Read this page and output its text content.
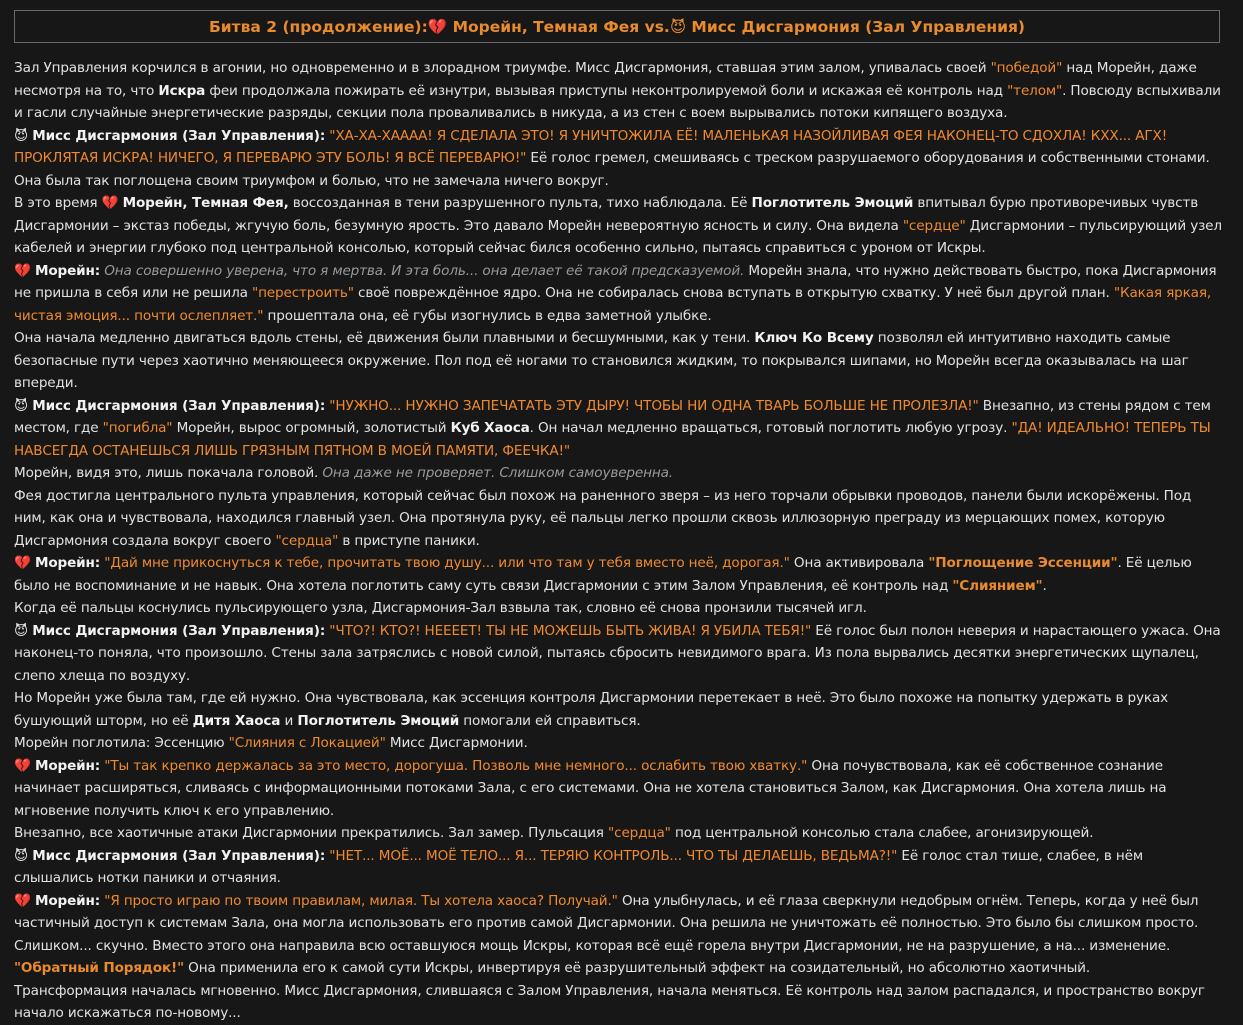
Битва 2 (продолжение): 💔
Морейн, Темная Фея vs. 😈
Мисс Дисгармония (Зал Управления)

Зал Управления корчился в агонии, но одновременно и в злорадном триумфе. Мисс Дисгармония, ставшая этим залом, упивалась своей "победой" над Морейн, даже несмотря на то, что Искра феи продолжала пожирать её изнутри, вызывая приступы неконтролируемой боли и искажая её контроль над "телом". Повсюду вспыхивали и гасли случайные энергетические разряды, секции пола проваливались в никуда, а из стен с воем вырывались потоки кипящего воздуха.

😈 Мисс Дисгармония (Зал Управления): "ХА-ХА-ХАААА! Я СДЕЛАЛА ЭТО! Я УНИЧТОЖИЛА ЕЁ! МАЛЕНЬКАЯ НАЗОЙЛИВАЯ ФЕЯ НАКОНЕЦ-ТО СДОХЛА! КХХ... АГХ! ПРОКЛЯТАЯ ИСКРА! НИЧЕГО, Я ПЕРЕВАРЮ ЭТУ БОЛЬ! Я ВСЁ ПЕРЕВАРЮ!" Её голос гремел, смешиваясь с треском разрушаемого оборудования и собственными стонами. Она была так поглощена своим триумфом и болью, что не замечала ничего вокруг.

В это время 💔 Морейн, Темная Фея, воссозданная в тени разрушенного пульта, тихо наблюдала. Её Поглотитель Эмоций впитывал бурю противоречивых чувств Дисгармонии – экстаз победы, жгучую боль, безумную ярость. Это давало Морейн невероятную ясность и силу. Она видела "сердце" Дисгармонии – пульсирующий узел кабелей и энергии глубоко под центральной консолью, который сейчас бился особенно сильно, пытаясь справиться с уроном от Искры.

💔 Морейн: Она совершенно уверена, что я мертва. И эта боль... она делает её такой предсказуемой. Морейн знала, что нужно действовать быстро, пока Дисгармония не пришла в себя или не решила "перестроить" своё повреждённое ядро. Она не собиралась снова вступать в открытую схватку. У неё был другой план. "Какая яркая, чистая эмоция... почти ослепляет." прошептала она, её губы изогнулись в едва заметной улыбке.

Она начала медленно двигаться вдоль стены, её движения были плавными и бесшумными, как у тени. Ключ Ко Всему позволял ей интуитивно находить самые безопасные пути через хаотично меняющееся окружение. Пол под её ногами то становился жидким, то покрывался шипами, но Морейн всегда оказывалась на шаг впереди.

😈 Мисс Дисгармония (Зал Управления): "НУЖНО... НУЖНО ЗАПЕЧАТАТЬ ЭТУ ДЫРУ! ЧТОБЫ НИ ОДНА ТВАРЬ БОЛЬШЕ НЕ ПРОЛЕЗЛА!" Внезапно, из стены рядом с тем местом, где "погибла" Морейн, вырос огромный, золотистый Куб Хаоса. Он начал медленно вращаться, готовый поглотить любую угрозу. "ДА! ИДЕАЛЬНО! ТЕПЕРЬ ТЫ НАВСЕГДА ОСТАНЕШЬСЯ ЛИШЬ ГРЯЗНЫМ ПЯТНОМ В МОЕЙ ПАМЯТИ, ФЕЕЧКА!"

Морейн, видя это, лишь покачала головой. Она даже не проверяет. Слишком самоуверенна.

Фея достигла центрального пульта управления, который сейчас был похож на раненного зверя – из него торчали обрывки проводов, панели были искорёжены. Под ним, как она и чувствовала, находился главный узел. Она протянула руку, её пальцы легко прошли сквозь иллюзорную преграду из мерцающих помех, которую Дисгармония создала вокруг своего "сердца" в приступе паники.

💔 Морейн: "Дай мне прикоснуться к тебе, прочитать твою душу... или что там у тебя вместо неё, дорогая." Она активировала "Поглощение Эссенции". Её целью было не воспоминание и не навык. Она хотела поглотить саму суть связи Дисгармонии с этим Залом Управления, её контроль над "Слиянием".

Когда её пальцы коснулись пульсирующего узла, Дисгармония-Зал взвыла так, словно её снова пронзили тысячей игл.

😈 Мисс Дисгармония (Зал Управления): "ЧТО?! КТО?! НЕЕЕЕТ! ТЫ НЕ МОЖЕШЬ БЫТЬ ЖИВА! Я УБИЛА ТЕБЯ!" Её голос был полон неверия и нарастающего ужаса. Она наконец-то поняла, что произошло. Стены зала затряслись с новой силой, пытаясь сбросить невидимого врага. Из пола вырвались десятки энергетических щупалец, слепо хлеща по воздуху.

Но Морейн уже была там, где ей нужно. Она чувствовала, как эссенция контроля Дисгармонии перетекает в неё. Это было похоже на попытку удержать в руках бушующий шторм, но её Дитя Хаоса и Поглотитель Эмоций помогали ей справиться.

Морейн поглотила: Эссенцию "Слияния с Локацией" Мисс Дисгармонии.

💔 Морейн: "Ты так крепко держалась за это место, дорогуша. Позволь мне немного... ослабить твою хватку." Она почувствовала, как её собственное сознание начинает расширяться, сливаясь с информационными потоками Зала, с его системами. Она не хотела становиться Залом, как Дисгармония. Она хотела лишь на мгновение получить ключ к его управлению.

Внезапно, все хаотичные атаки Дисгармонии прекратились. Зал замер. Пульсация "сердца" под центральной консолью стала слабее, агонизирующей.

😈 Мисс Дисгармония (Зал Управления): "НЕТ... МОЁ... МОЁ ТЕЛО... Я... ТЕРЯЮ КОНТРОЛЬ... ЧТО ТЫ ДЕЛАЕШЬ, ВЕДЬМА?!" Её голос стал тише, слабее, в нём слышались нотки паники и отчаяния.

💔 Морейн: "Я просто играю по твоим правилам, милая. Ты хотела хаоса? Получай." Она улыбнулась, и её глаза сверкнули недобрым огнём. Теперь, когда у неё был частичный доступ к системам Зала, она могла использовать его против самой Дисгармонии. Она решила не уничтожать её полностью. Это было бы слишком просто. Слишком... скучно. Вместо этого она направила всю оставшуюся мощь Искры, которая всё ещё горела внутри Дисгармонии, не на разрушение, а на... изменение. "Обратный Порядок!" Она применила его к самой сути Искры, инвертируя её разрушительный эффект на созидательный, но абсолютно хаотичный.

Трансформация началась мгновенно. Мисс Дисгармония, слившаяся с Залом Управления, начала меняться. Её контроль над залом распадался, и пространство вокруг начало искажаться по-новому...
